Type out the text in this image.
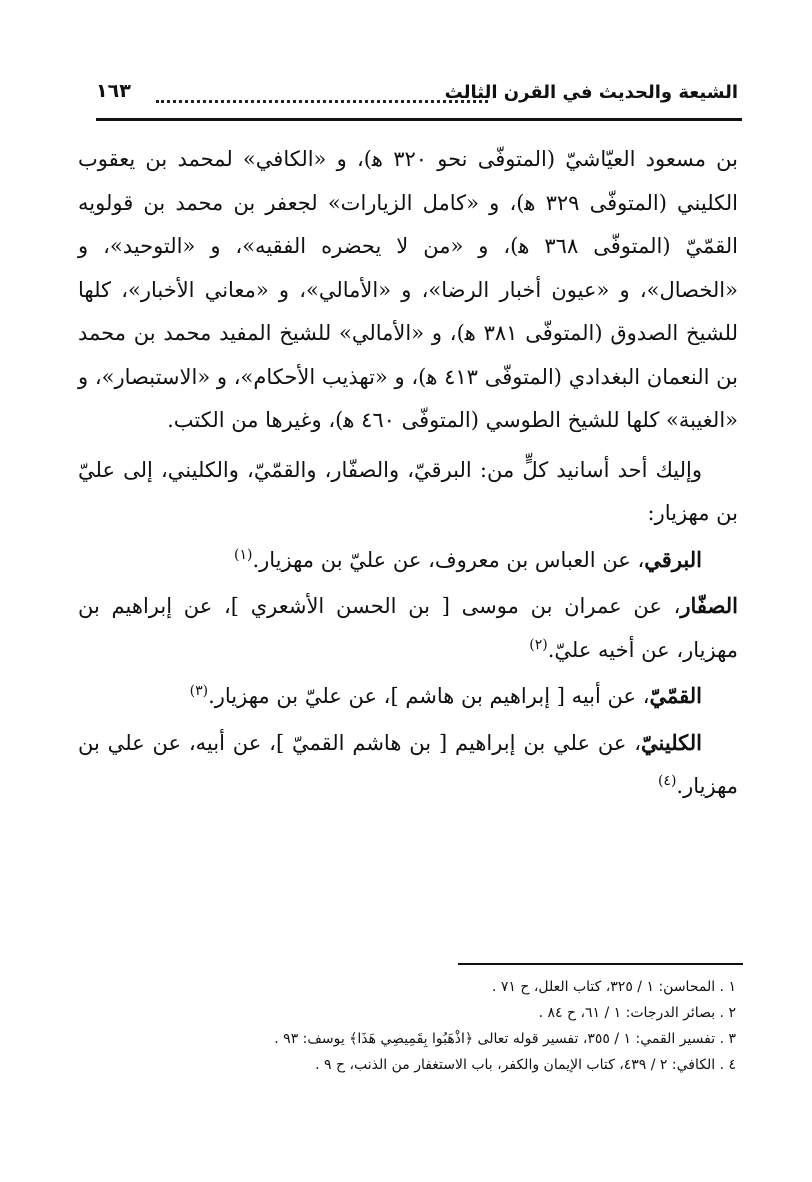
الشيعة والحديث في القرن الثالث
١٦٣

بن مسعود العيّاشيّ (المتوفّى نحو ٣٢٠ ﻫ)، و «الكافي» لمحمد بن يعقوب الكليني (المتوفّى ٣٢٩ ﻫ)، و «كامل الزيارات» لجعفر بن محمد بن قولويه القمّيّ (المتوفّى ٣٦٨ ﻫ)، و «من لا يحضره الفقيه»، و «التوحيد»، و «الخصال»، و «عيون أخبار الرضا»، و «الأمالي»، و «معاني الأخبار»، كلها للشيخ الصدوق (المتوفّى ٣٨١ ﻫ)، و «الأمالي» للشيخ المفيد محمد بن محمد بن النعمان البغدادي (المتوفّى ٤١٣ ﻫ)، و «تهذيب الأحكام»، و «الاستبصار»، و «الغيبة» كلها للشيخ الطوسي (المتوفّى ٤٦٠ ﻫ)، وغيرها من الكتب.

وإليك أحد أسانيد كلٍّ من: البرقيّ، والصفّار، والقمّيّ، والكليني، إلى عليّ بن مهزيار:

البرقي، عن العباس بن معروف، عن عليّ بن مهزيار.$^{(١)}$

الصفّار، عن عمران بن موسى [ بن الحسن الأشعري ]، عن إبراهيم بن مهزيار، عن أخيه عليّ.$^{(٢)}$

القمّيّ، عن أبيه [ إبراهيم بن هاشم ]، عن عليّ بن مهزيار.$^{(٣)}$

الكلينيّ، عن علي بن إبراهيم [ بن هاشم القميّ ]، عن أبيه، عن علي بن مهزيار.$^{(٤)}$

١ . المحاسن: ١ / ٣٢٥، كتاب العلل، ح ٧١ .
٢ . بصائر الدرجات: ١ / ٦١، ح ٨٤ .
٣ . تفسير القمي: ١ / ٣٥٥، تفسير قوله تعالى ﴿اذْهَبُوا بِقَمِيصِي هَذَا﴾ يوسف: ٩٣ .
٤ . الكافي: ٢ / ٤٣٩، كتاب الإيمان والكفر، باب الاستغفار من الذنب، ح ٩ .
